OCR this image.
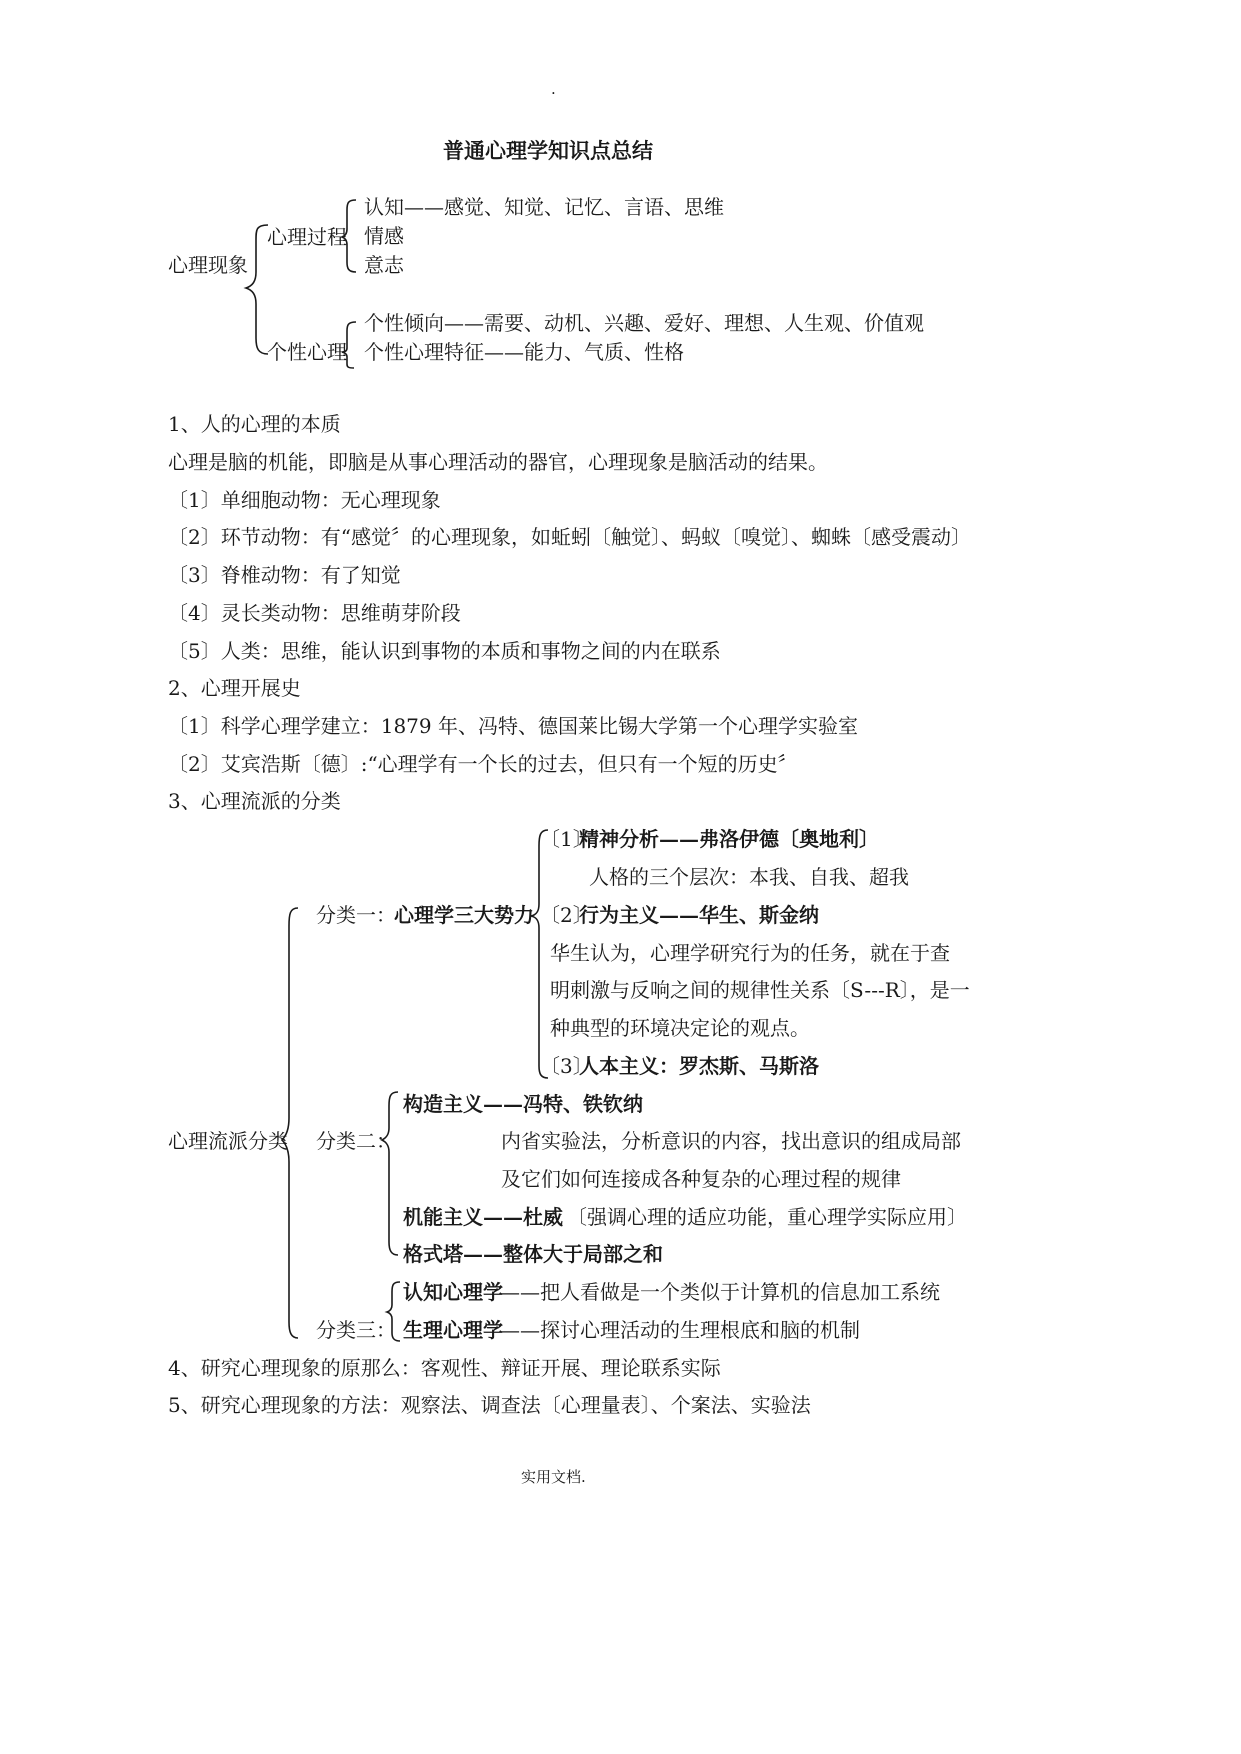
.
普通心理学知识点总结
心理现象
心理过程
认知——感觉、知觉、记忆、言语、思维
情感
意志
个性心理
个性倾向——需要、动机、兴趣、爱好、理想、人生观、价值观
个性心理特征——能力、气质、性格
1、人的心理的本质
心理是脑的机能，即脑是从事心理活动的器官，心理现象是脑活动的结果。
〔1〕单细胞动物：无心理现象
〔2〕环节动物：有“感觉〞的心理现象，如蚯蚓〔触觉〕、蚂蚁〔嗅觉〕、蜘蛛〔感受震动〕
〔3〕脊椎动物：有了知觉
〔4〕灵长类动物：思维萌芽阶段
〔5〕人类：思维，能认识到事物的本质和事物之间的内在联系
2、心理开展史
〔1〕科学心理学建立：1879 年、冯特、德国莱比锡大学第一个心理学实验室
〔2〕艾宾浩斯〔德〕:“心理学有一个长的过去，但只有一个短的历史〞
3、心理流派的分类
心理流派分类
分类一：
心理学三大势力
〔1〕
精神分析——弗洛伊德〔奥地利〕
人格的三个层次：本我、自我、超我
〔2〕
行为主义——华生、斯金纳
华生认为，心理学研究行为的任务，就在于查
明刺激与反响之间的规律性关系〔S---R〕，是一
种典型的环境决定论的观点。
〔3〕
人本主义：罗杰斯、马斯洛
分类二：
构造主义——冯特、铁钦纳
内省实验法，分析意识的内容，找出意识的组成局部
及它们如何连接成各种复杂的心理过程的规律
机能主义——杜威 〔强调心理的适应功能，重心理学实际应用〕
格式塔——整体大于局部之和
分类三：
认知心理学
——把人看做是一个类似于计算机的信息加工系统
生理心理学
——探讨心理活动的生理根底和脑的机制
4、研究心理现象的原那么：客观性、辩证开展、理论联系实际
5、研究心理现象的方法：观察法、调查法〔心理量表〕、个案法、实验法
实用文档.
